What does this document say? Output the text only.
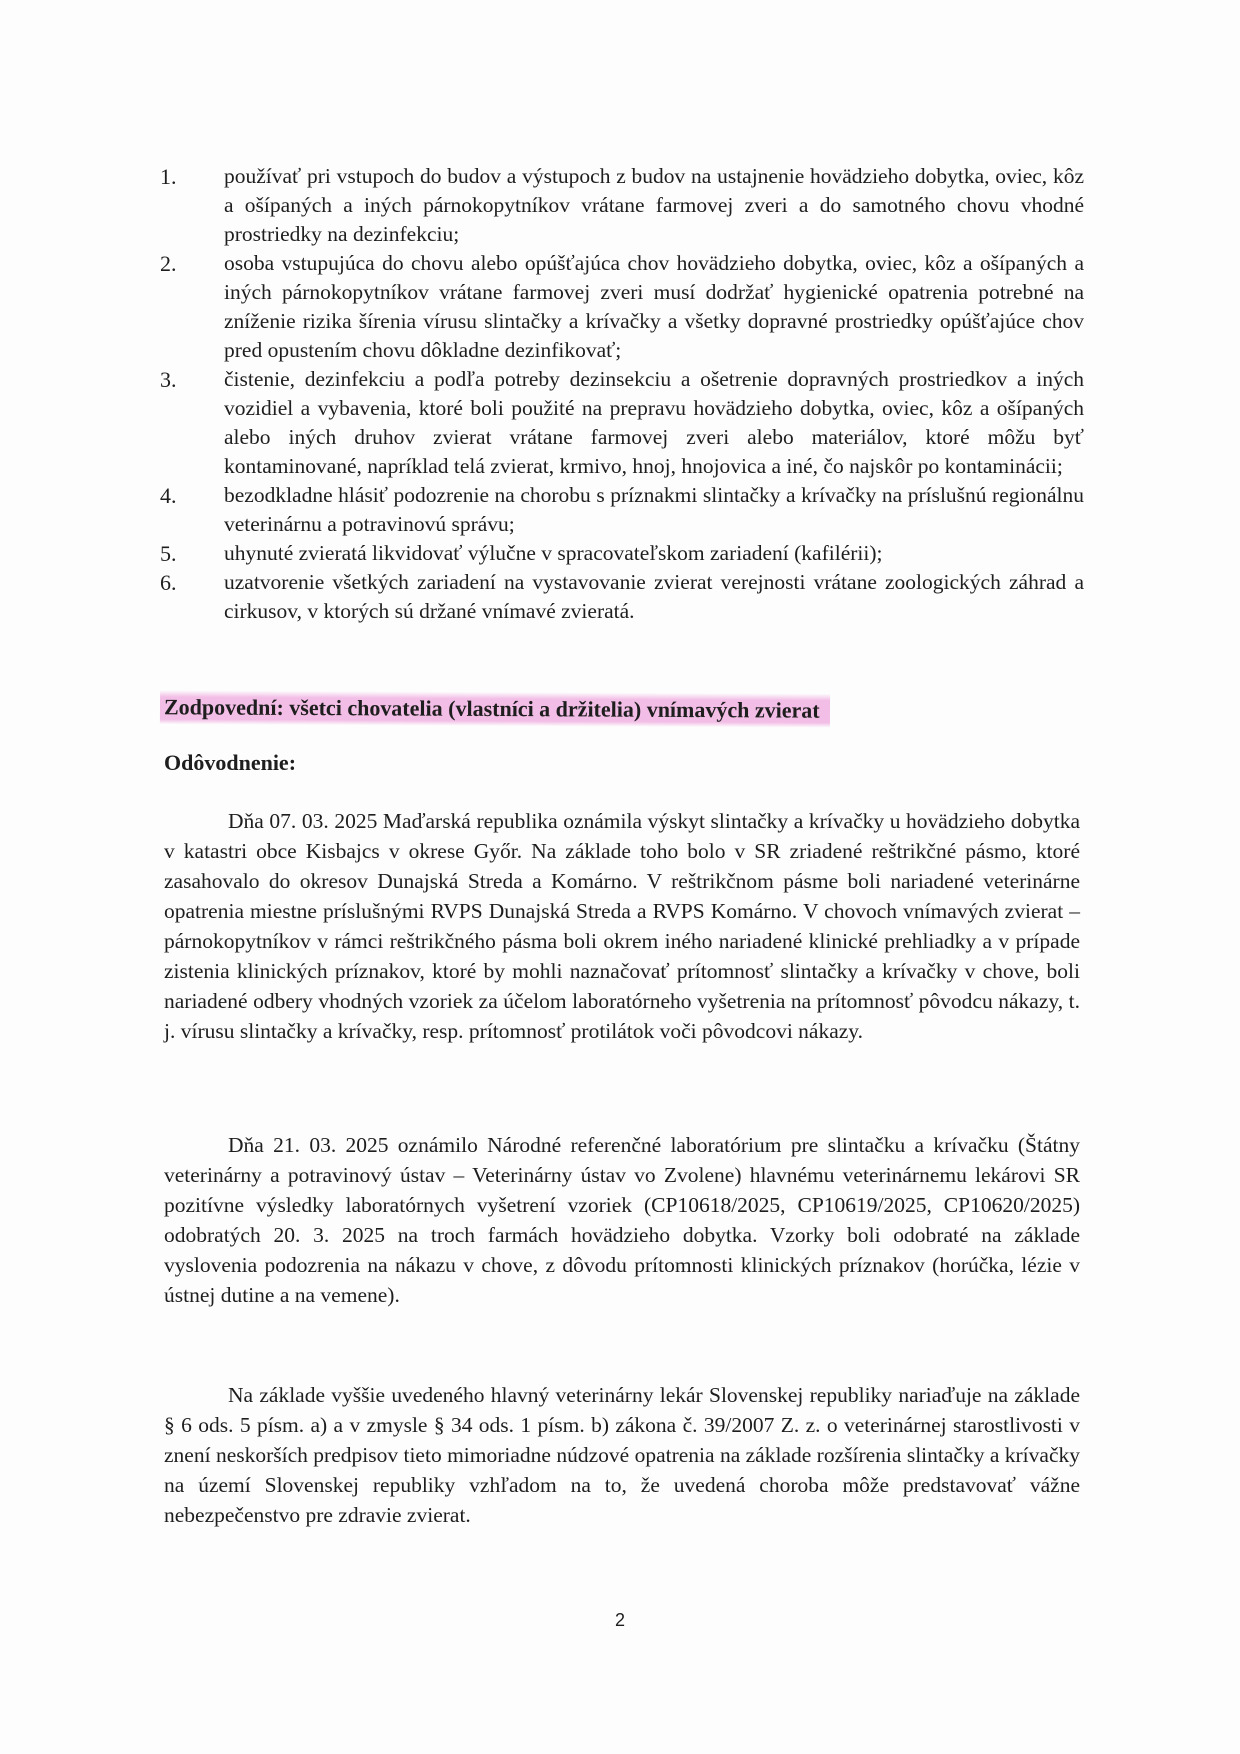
1. používať pri vstupoch do budov a výstupoch z budov na ustajnenie hovädzieho dobytka, oviec, kôz a ošípaných a iných párnokopytníkov vrátane farmovej zveri a do samotného chovu vhodné prostriedky na dezinfekciu;
2. osoba vstupujúca do chovu alebo opúšťajúca chov hovädzieho dobytka, oviec, kôz a ošípaných a iných párnokopytníkov vrátane farmovej zveri musí dodržať hygienické opatrenia potrebné na zníženie rizika šírenia vírusu slintačky a krívačky a všetky dopravné prostriedky opúšťajúce chov pred opustením chovu dôkladne dezinfikovať;
3. čistenie, dezinfekciu a podľa potreby dezinsekciu a ošetrenie dopravných prostriedkov a iných vozidiel a vybavenia, ktoré boli použité na prepravu hovädzieho dobytka, oviec, kôz a ošípaných alebo iných druhov zvierat vrátane farmovej zveri alebo materiálov, ktoré môžu byť kontaminované, napríklad telá zvierat, krmivo, hnoj, hnojovica a iné, čo najskôr po kontaminácii;
4. bezodkladne hlásiť podozrenie na chorobu s príznakmi slintačky a krívačky na príslušnú regionálnu veterinárnu a potravinovú správu;
5. uhynuté zvieratá likvidovať výlučne v spracovateľskom zariadení (kafilérii);
6. uzatvorenie všetkých zariadení na vystavovanie zvierat verejnosti vrátane zoologických záhrad a cirkusov, v ktorých sú držané vnímavé zvieratá.
Zodpovední: všetci chovatelia (vlastníci a držitelia) vnímavých zvierat
Odôvodnenie:

Dňa 07. 03. 2025 Maďarská republika oznámila výskyt slintačky a krívačky u hovädzieho dobytka v katastri obce Kisbajcs v okrese Győr. Na základe toho bolo v SR zriadené reštrikčné pásmo, ktoré zasahovalo do okresov Dunajská Streda a Komárno. V reštrikčnom pásme boli nariadené veterinárne opatrenia miestne príslušnými RVPS Dunajská Streda a RVPS Komárno. V chovoch vnímavých zvierat – párnokopytníkov v rámci reštrikčného pásma boli okrem iného nariadené klinické prehliadky a v prípade zistenia klinických príznakov, ktoré by mohli naznačovať prítomnosť slintačky a krívačky v chove, boli nariadené odbery vhodných vzoriek za účelom laboratórneho vyšetrenia na prítomnosť pôvodcu nákazy, t. j. vírusu slintačky a krívačky, resp. prítomnosť protilátok voči pôvodcovi nákazy.

Dňa 21. 03. 2025 oznámilo Národné referenčné laboratórium pre slintačku a krívačku (Štátny veterinárny a potravinový ústav – Veterinárny ústav vo Zvolene) hlavnému veterinárnemu lekárovi SR pozitívne výsledky laboratórnych vyšetrení vzoriek (CP10618/2025, CP10619/2025, CP10620/2025) odobratých 20. 3. 2025 na troch farmách hovädzieho dobytka. Vzorky boli odobraté na základe vyslovenia podozrenia na nákazu v chove, z dôvodu prítomnosti klinických príznakov (horúčka, lézie v ústnej dutine a na vemene).

Na základe vyššie uvedeného hlavný veterinárny lekár Slovenskej republiky nariaďuje na základe § 6 ods. 5 písm. a) a v zmysle § 34 ods. 1 písm. b) zákona č. 39/2007 Z. z. o veterinárnej starostlivosti v znení neskorších predpisov tieto mimoriadne núdzové opatrenia na základe rozšírenia slintačky a krívačky na území Slovenskej republiky vzhľadom na to, že uvedená choroba môže predstavovať vážne nebezpečenstvo pre zdravie zvierat.

2
